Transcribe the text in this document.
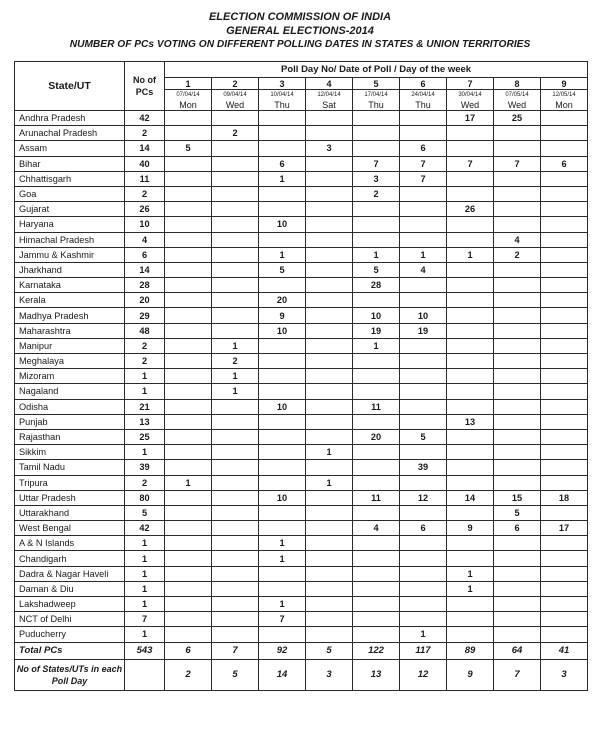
ELECTION COMMISSION OF INDIA
GENERAL ELECTIONS-2014
NUMBER OF PCs VOTING ON DIFFERENT POLLING DATES IN STATES & UNION TERRITORIES
State/UT	No of PCs	Poll Day No/ Date of Poll / Day of the week								
		1	2	3	4	5	6	7	8	9
		07/04/14	09/04/14	10/04/14	12/04/14	17/04/14	24/04/14	30/04/14	07/05/14	12/05/14
		Mon	Wed	Thu	Sat	Thu	Thu	Wed	Wed	Mon
Andhra Pradesh	42							17	25	
Arunachal Pradesh	2		2							
Assam	14	5			3		6			
Bihar	40			6		7	7	7	7	6
Chhattisgarh	11			1		3	7			
Goa	2					2				
Gujarat	26							26		
Haryana	10			10						
Himachal Pradesh	4								4	
Jammu & Kashmir	6			1		1	1	1	2	
Jharkhand	14			5		5	4			
Karnataka	28					28				
Kerala	20			20						
Madhya Pradesh	29			9		10	10			
Maharashtra	48			10		19	19			
Manipur	2		1			1				
Meghalaya	2		2							
Mizoram	1		1							
Nagaland	1		1							
Odisha	21			10		11				
Punjab	13							13		
Rajasthan	25					20	5			
Sikkim	1				1					
Tamil Nadu	39						39			
Tripura	2	1			1					
Uttar Pradesh	80			10		11	12	14	15	18
Uttarakhand	5								5	
West Bengal	42					4	6	9	6	17
A & N Islands	1			1						
Chandigarh	1			1						
Dadra & Nagar Haveli	1							1		
Daman & Diu	1							1		
Lakshadweep	1			1						
NCT of Delhi	7			7						
Puducherry	1						1			
Total PCs	543	6	7	92	5	122	117	89	64	41
No of States/UTs in each Poll Day		2	5	14	3	13	12	9	7	3
